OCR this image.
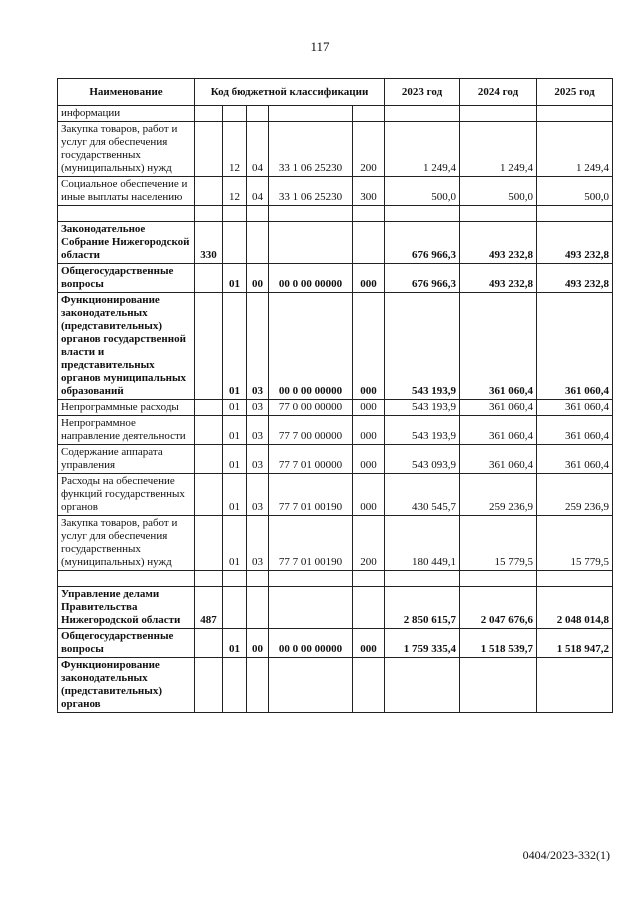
117
Наименование	Код бюджетной классификации					2023 год	2024 год	2025 год
информации								
Закупка товаров, работ и услуг для обеспечения государственных (муниципальных) нужд		12	04	33 1 06 25230	200	1 249,4	1 249,4	1 249,4
Социальное обеспечение и иные выплаты населению		12	04	33 1 06 25230	300	500,0	500,0	500,0

Законодательное Собрание Нижегородской области	330					676 966,3	493 232,8	493 232,8
Общегосударственные вопросы		01	00	00 0 00 00000	000	676 966,3	493 232,8	493 232,8
Функционирование законодательных (представительных) органов государственной власти и представительных органов муниципальных образований		01	03	00 0 00 00000	000	543 193,9	361 060,4	361 060,4
Непрограммные расходы		01	03	77 0 00 00000	000	543 193,9	361 060,4	361 060,4
Непрограммное направление деятельности		01	03	77 7 00 00000	000	543 193,9	361 060,4	361 060,4
Содержание аппарата управления		01	03	77 7 01 00000	000	543 093,9	361 060,4	361 060,4
Расходы на обеспечение функций государственных органов		01	03	77 7 01 00190	000	430 545,7	259 236,9	259 236,9
Закупка товаров, работ и услуг для обеспечения государственных (муниципальных) нужд		01	03	77 7 01 00190	200	180 449,1	15 779,5	15 779,5

Управление делами Правительства Нижегородской области	487					2 850 615,7	2 047 676,6	2 048 014,8
Общегосударственные вопросы		01	00	00 0 00 00000	000	1 759 335,4	1 518 539,7	1 518 947,2
Функционирование законодательных (представительных) органов								
0404/2023-332(1)
